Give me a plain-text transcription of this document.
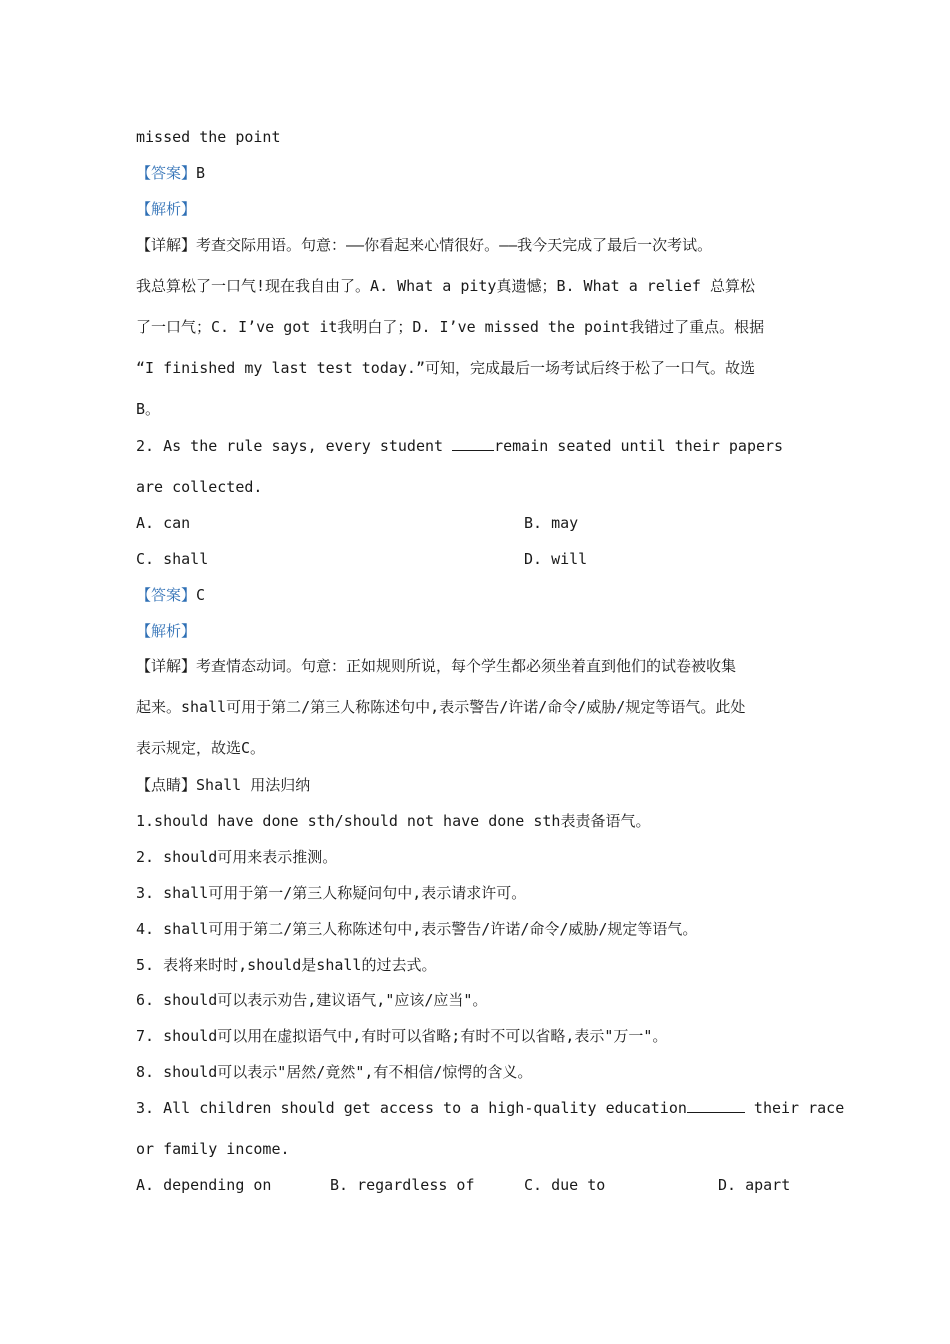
missed the point
【答案】B
【解析】
【详解】考查交际用语。句意：——你看起来心情很好。——我今天完成了最后一次考试。
我总算松了一口气!现在我自由了。A. What a pity真遗憾；B. What a relief 总算松
了一口气；C. I’ve got it我明白了；D. I’ve missed the point我错过了重点。根据
“I finished my last test today.”可知，完成最后一场考试后终于松了一口气。故选
B。
2. As the rule says, every student	remain seated until their papers
are collected.
A. can	B. may
C. shall	D. will
【答案】C
【解析】
【详解】考查情态动词。句意：正如规则所说，每个学生都必须坐着直到他们的试卷被收集
起来。shall可用于第二/第三人称陈述句中,表示警告/许诺/命令/威胁/规定等语气。此处
表示规定，故选C。
【点睛】Shall 用法归纳
1.should have done sth/should not have done sth表责备语气。
2. should可用来表示推测。
3. shall可用于第一/第三人称疑问句中,表示请求许可。
4. shall可用于第二/第三人称陈述句中,表示警告/许诺/命令/威胁/规定等语气。
5. 表将来时时,should是shall的过去式。
6. should可以表示劝告,建议语气,"应该/应当"。
7. should可以用在虚拟语气中,有时可以省略;有时不可以省略,表示"万一"。
8. should可以表示"居然/竟然",有不相信/惊愕的含义。
3. All children should get access to a high-quality education	their race
or family income.
A. depending on	B. regardless of	C. due to	D. apart
